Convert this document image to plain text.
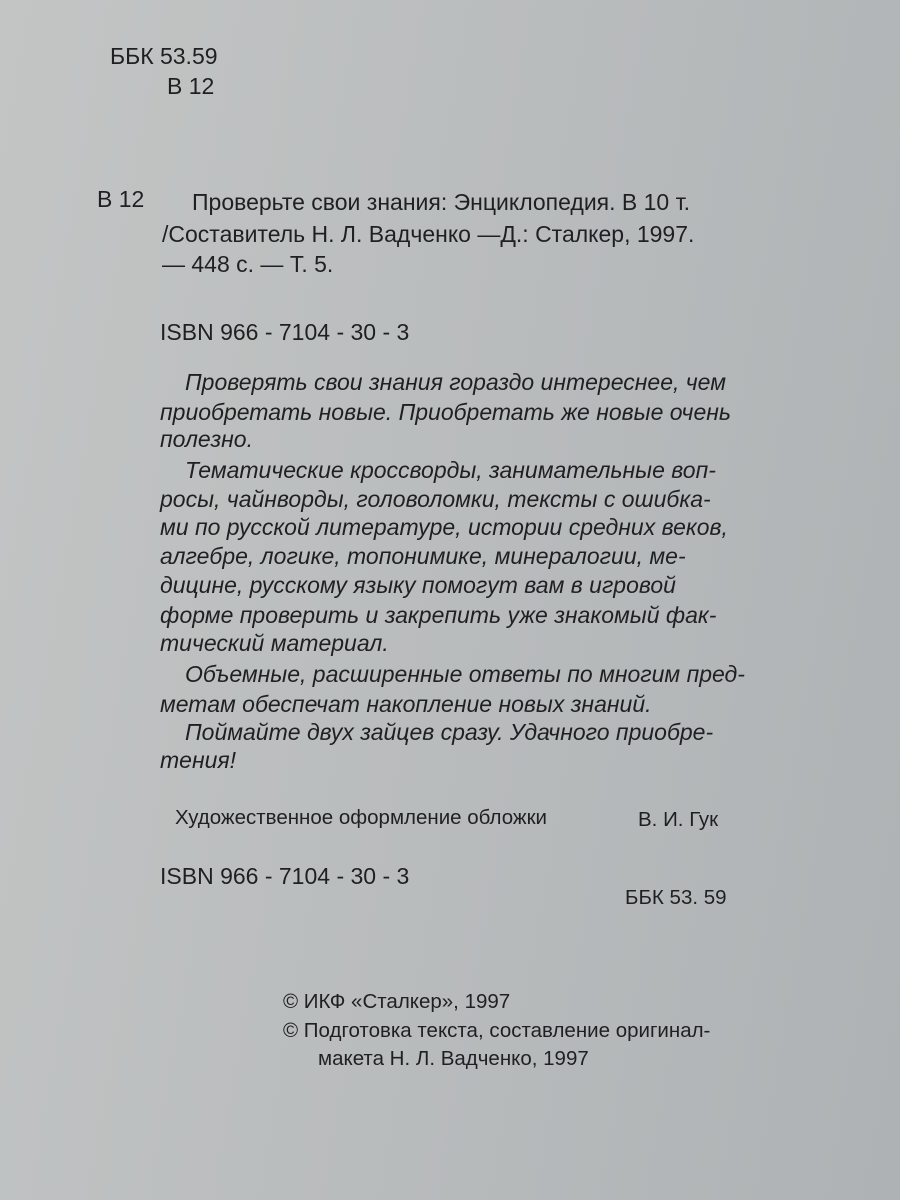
ББК 53.59
В 12
В 12 Проверьте свои знания: Энциклопедия. В 10 т.
/Составитель Н. Л. Вадченко —Д.: Сталкер, 1997.
— 448 с. — Т. 5.
ISBN 966 - 7104 - 30 - 3
Проверять свои знания гораздо интереснее, чем
приобретать новые. Приобретать же новые очень
полезно.
Тематические кроссворды, занимательные воп-
росы, чайнворды, головоломки, тексты с ошибка-
ми по русской литературе, истории средних веков,
алгебре, логике, топонимике, минералогии, ме-
дицине, русскому языку помогут вам в игровой
форме проверить и закрепить уже знакомый фак-
тический материал.
Объемные, расширенные ответы по многим пред-
метам обеспечат накопление новых знаний.
Поймайте двух зайцев сразу. Удачного приобре-
тения!
Художественное оформление обложки	В. И. Гук
ISBN 966 - 7104 - 30 - 3
ББК 53. 59
© ИКФ «Сталкер», 1997
© Подготовка текста, составление оригинал-
макета Н. Л. Вадченко, 1997
